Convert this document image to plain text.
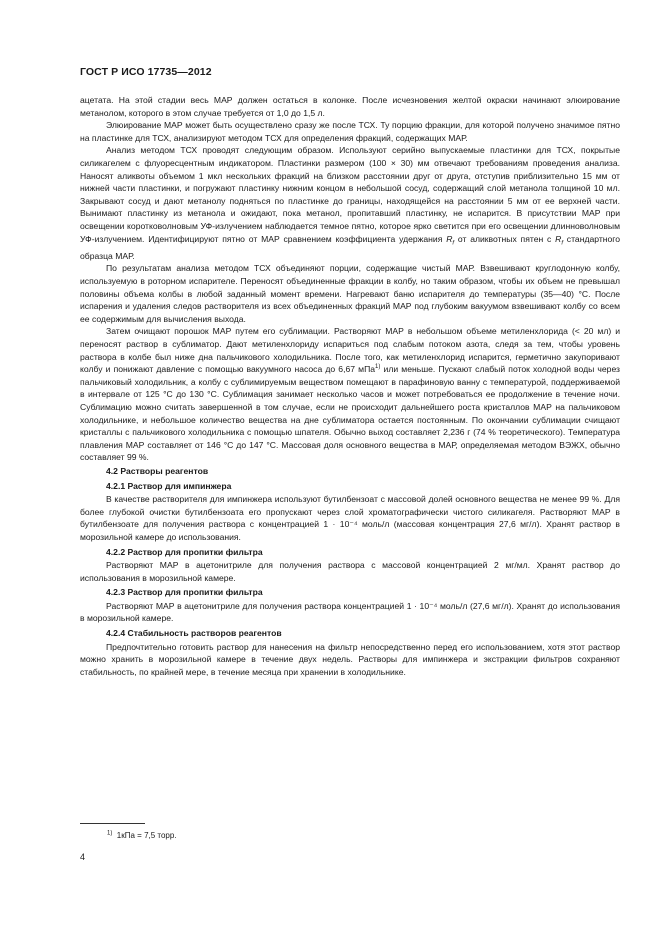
ГОСТ Р ИСО 17735—2012

ацетата. На этой стадии весь МАР должен остаться в колонке. После исчезновения желтой окраски начинают элюирование метанолом, которого в этом случае требуется от 1,0 до 1,5 л.

Элюирование МАР может быть осуществлено сразу же после ТСХ. Ту порцию фракции, для которой получено значимое пятно на пластинке для ТСХ, анализируют методом ТСХ для определения фракций, содержащих МАР.

Анализ методом ТСХ проводят следующим образом. Используют серийно выпускаемые пластинки для ТСХ, покрытые силикагелем с флуоресцентным индикатором. Пластинки размером (100 × 30) мм отвечают требованиям проведения анализа. Наносят аликвоты объемом 1 мкл нескольких фракций на близком расстоянии друг от друга, отступив приблизительно 15 мм от нижней части пластинки, и погружают пластинку нижним концом в небольшой сосуд, содержащий слой метанола толщиной 10 мл. Закрывают сосуд и дают метанолу подняться по пластинке до границы, находящейся на расстоянии 5 мм от ее верхней части. Вынимают пластинку из метанола и ожидают, пока метанол, пропитавший пластинку, не испарится. В присутствии МАР при освещении коротковолновым УФ-излучением наблюдается темное пятно, которое ярко светится при его освещении длинноволновым УФ-излучением. Идентифицируют пятно от МАР сравнением коэффициента удержания $R_f$ от аликвотных пятен с $R_f$ стандартного образца МАР.

По результатам анализа методом ТСХ объединяют порции, содержащие чистый МАР. Взвешивают круглодонную колбу, используемую в роторном испарителе. Переносят объединенные фракции в колбу, но таким образом, чтобы их объем не превышал половины объема колбы в любой заданный момент времени. Нагревают баню испарителя до температуры (35—40) °С. После испарения и удаления следов растворителя из всех объединенных фракций МАР под глубоким вакуумом взвешивают колбу со всем ее содержимым для вычисления выхода.

Затем очищают порошок МАР путем его сублимации. Растворяют МАР в небольшом объеме метиленхлорида (< 20 мл) и переносят раствор в сублиматор. Дают метиленхлориду испариться под слабым потоком азота, следя за тем, чтобы уровень раствора в колбе был ниже дна пальчикового холодильника. После того, как метиленхлорид испарится, герметично закупоривают колбу и понижают давление с помощью вакуумного насоса до 6,67 мПа$^{1)}$ или меньше. Пускают слабый поток холодной воды через пальчиковый холодильник, а колбу с сублимируемым веществом помещают в парафиновую ванну с температурой, поддерживаемой в интервале от 125 °С до 130 °С. Сублимация занимает несколько часов и может потребоваться ее продолжение в течение ночи. Сублимацию можно считать завершенной в том случае, если не происходит дальнейшего роста кристаллов МАР на пальчиковом холодильнике, и небольшое количество вещества на дне сублиматора остается постоянным. По окончании сублимации счищают кристаллы с пальчикового холодильника с помощью шпателя. Обычно выход составляет 2,236 г (74 % теоретического). Температура плавления МАР составляет от 146 °С до 147 °С. Массовая доля основного вещества в МАР, определяемая методом ВЭЖХ, обычно составляет 99 %.

4.2 Растворы реагентов
4.2.1 Раствор для импинжера

В качестве растворителя для импинжера используют бутилбензоат с массовой долей основного вещества не менее 99 %. Для более глубокой очистки бутилбензоата его пропускают через слой хроматографически чистого силикагеля. Растворяют МАР в бутилбензоате для получения раствора с концентрацией 1 · 10⁻⁴ моль/л (массовая концентрация 27,6 мг/л). Хранят раствор в морозильной камере до использования.

4.2.2 Раствор для пропитки фильтра

Растворяют МАР в ацетонитриле для получения раствора с массовой концентрацией 2 мг/мл. Хранят раствор до использования в морозильной камере.

4.2.3 Раствор для пропитки фильтра

Растворяют МАР в ацетонитриле для получения раствора концентрацией 1 · 10⁻⁴ моль/л (27,6 мг/л). Хранят до использования в морозильной камере.

4.2.4 Стабильность растворов реагентов

Предпочтительно готовить раствор для нанесения на фильтр непосредственно перед его использованием, хотя этот раствор можно хранить в морозильной камере в течение двух недель. Растворы для импинжера и экстракции фильтров сохраняют стабильность, по крайней мере, в течение месяца при хранении в холодильнике.

$^{1)}$ 1кПа = 7,5 торр.
4
